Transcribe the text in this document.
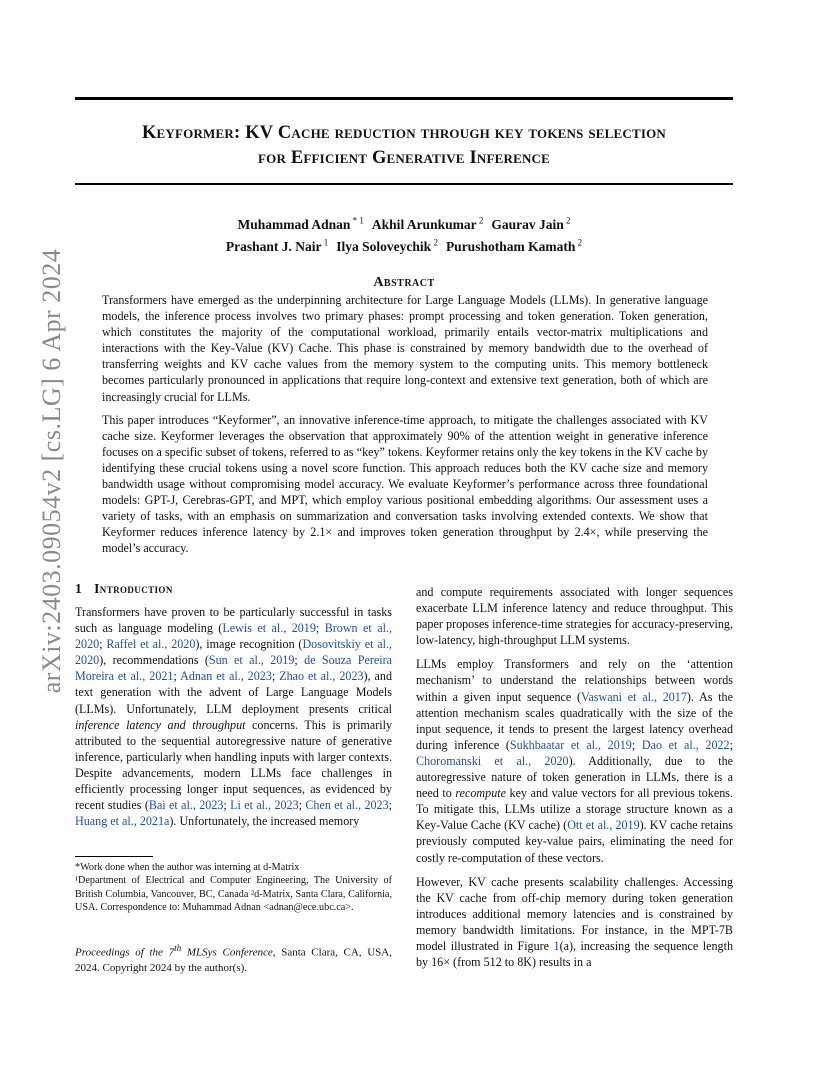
Keyformer: KV Cache reduction through key tokens selection
for Efficient Generative Inference
Muhammad Adnan $^{* 1}$ Akhil Arunkumar $^2$ Gaurav Jain $^2$
Prashant J. Nair $^1$ Ilya Soloveychik $^2$ Purushotham Kamath $^2$
arXiv:2403.09054v2 [cs.LG] 6 Apr 2024	Abstract

Transformers have emerged as the underpinning architecture for Large Language Models (LLMs). In generative language models, the inference process involves two primary phases: prompt processing and token generation. Token generation, which constitutes the majority of the computational workload, primarily entails vector-matrix multiplications and interactions with the Key-Value (KV) Cache. This phase is constrained by memory bandwidth due to the overhead of transferring weights and KV cache values from the memory system to the computing units. This memory bottleneck becomes particularly pronounced in applications that require long-context and extensive text generation, both of which are increasingly crucial for LLMs.

This paper introduces “Keyformer”, an innovative inference-time approach, to mitigate the challenges associated with KV cache size. Keyformer leverages the observation that approximately 90% of the attention weight in generative inference focuses on a specific subset of tokens, referred to as “key” tokens. Keyformer retains only the key tokens in the KV cache by identifying these crucial tokens using a novel score function. This approach reduces both the KV cache size and memory bandwidth usage without compromising model accuracy. We evaluate Keyformer’s performance across three foundational models: GPT-J, Cerebras-GPT, and MPT, which employ various positional embedding algorithms. Our assessment uses a variety of tasks, with an emphasis on summarization and conversation tasks involving extended contexts. We show that Keyformer reduces inference latency by 2.1× and improves token generation throughput by 2.4×, while preserving the model’s accuracy.

1 Introduction

Transformers have proven to be particularly successful in tasks such as language modeling (Lewis et al., 2019; Brown et al., 2020; Raffel et al., 2020), image recognition (Dosovitskiy et al., 2020), recommendations (Sun et al., 2019; de Souza Pereira Moreira et al., 2021; Adnan et al., 2023; Zhao et al., 2023), and text generation with the advent of Large Language Models (LLMs). Unfortunately, LLM deployment presents critical inference latency and throughput concerns. This is primarily attributed to the sequential autoregressive nature of generative inference, particularly when handling inputs with larger contexts. Despite advancements, modern LLMs face challenges in efficiently processing longer input sequences, as evidenced by recent studies (Bai et al., 2023; Li et al., 2023; Chen et al., 2023; Huang et al., 2021a). Unfortunately, the increased memory

*Work done when the author was interning at d-Matrix

¹Department of Electrical and Computer Engineering, The University of British Columbia, Vancouver, BC, Canada ²d-Matrix, Santa Clara, California, USA. Correspondence to: Muhammad Adnan <adnan@ece.ubc.ca>.

Proceedings of the 7th MLSys Conference, Santa Clara, CA, USA, 2024. Copyright 2024 by the author(s).

and compute requirements associated with longer sequences exacerbate LLM inference latency and reduce throughput. This paper proposes inference-time strategies for accuracy-preserving, low-latency, high-throughput LLM systems.

LLMs employ Transformers and rely on the ‘attention mechanism’ to understand the relationships between words within a given input sequence (Vaswani et al., 2017). As the attention mechanism scales quadratically with the size of the input sequence, it tends to present the largest latency overhead during inference (Sukhbaatar et al., 2019; Dao et al., 2022; Choromanski et al., 2020). Additionally, due to the autoregressive nature of token generation in LLMs, there is a need to recompute key and value vectors for all previous tokens. To mitigate this, LLMs utilize a storage structure known as a Key-Value Cache (KV cache) (Ott et al., 2019). KV cache retains previously computed key-value pairs, eliminating the need for costly re-computation of these vectors.

However, KV cache presents scalability challenges. Accessing the KV cache from off-chip memory during token generation introduces additional memory latencies and is constrained by memory bandwidth limitations. For instance, in the MPT-7B model illustrated in Figure 1(a), increasing the sequence length by 16× (from 512 to 8K) results in a
